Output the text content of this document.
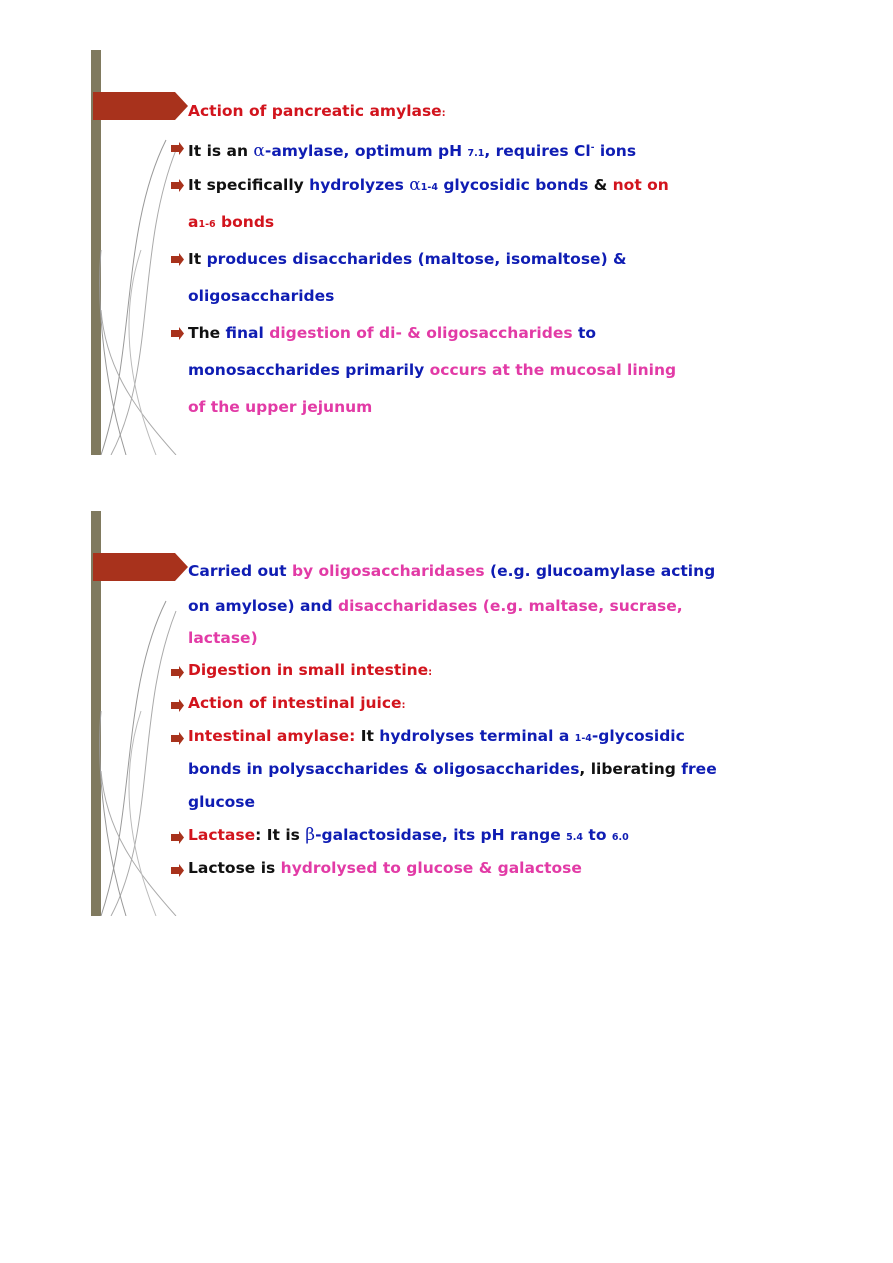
Action of pancreatic amylase:
It is an α-amylase, optimum pH 7.1, requires Cl- ions
It specifically hydrolyzes α1-4 glycosidic bonds & not on
a1-6 bonds
It produces disaccharides (maltose, isomaltose) &
oligosaccharides
The final digestion of di- & oligosaccharides to
monosaccharides primarily occurs at the mucosal lining
of the upper jejunum
Carried out by oligosaccharidases (e.g. glucoamylase acting
on amylose) and disaccharidases (e.g. maltase, sucrase,
lactase)
Digestion in small intestine:
Action of intestinal juice:
Intestinal amylase: It hydrolyses terminal a 1-4-glycosidic
bonds in polysaccharides & oligosaccharides, liberating free
glucose
Lactase: It is β-galactosidase, its pH range 5.4 to 6.0
Lactose is hydrolysed to glucose & galactose
